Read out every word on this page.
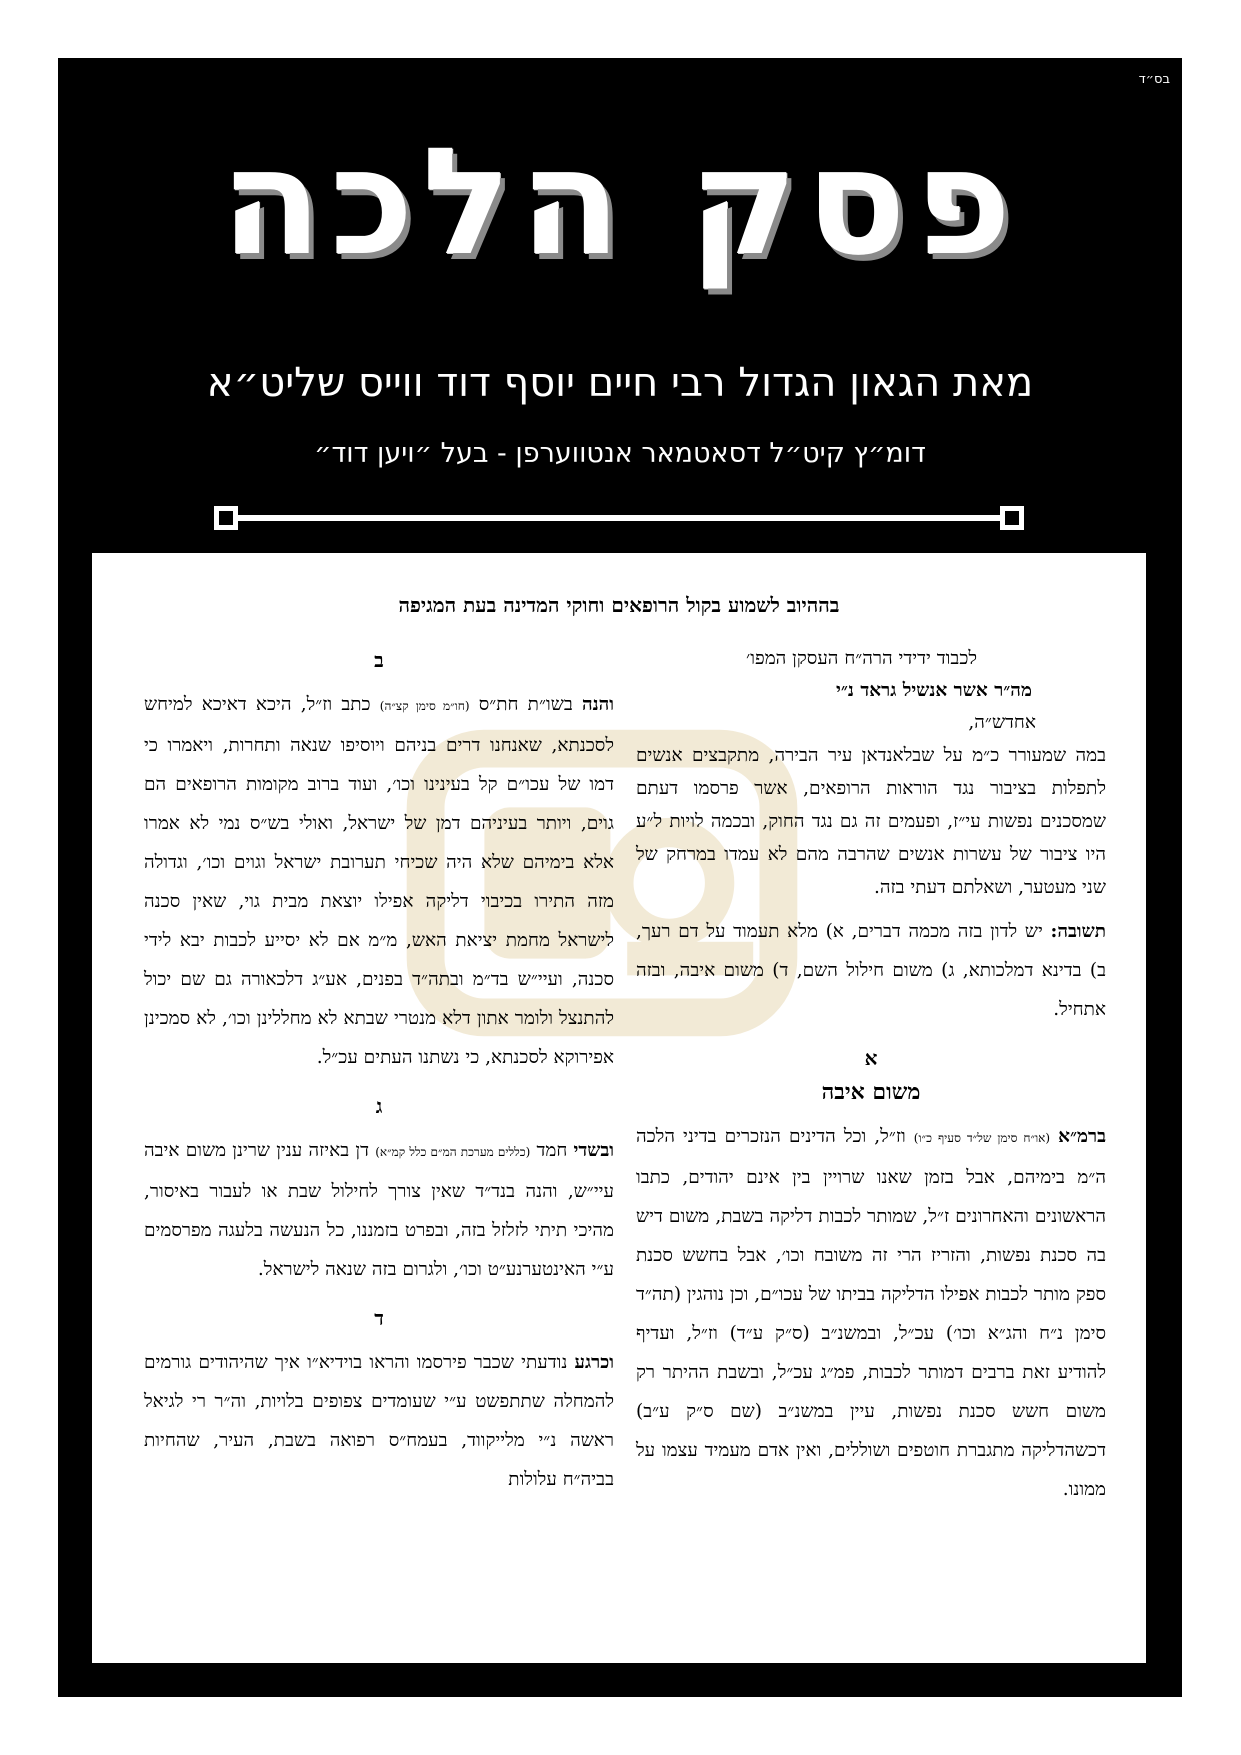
בס״ד
פסק הלכה
מאת הגאון הגדול רבי חיים יוסף דוד ווייס שליט״א
דומ״ץ קיט״ל דסאטמאר אנטווערפן - בעל ״ויען דוד״
בההיוב לשמוע בקול הרופאים וחוקי המדינה בעת המגיפה
לכבוד ידידי הרה״ח העסקן המפו׳
מה״ר אשר אנשיל גראד נ״י
אחדש״ה,
במה שמעורר כ״מ על שבלאנדאן עיר הבירה, מתקבצים אנשים לתפלות בציבור נגד הוראות הרופאים, אשר פרסמו דעתם שמסכנים נפשות עי״ז, ופעמים זה גם נגד החוק, ובכמה לויות ל״ע היו ציבור של עשרות אנשים שהרבה מהם לא עמדו במרחק של שני מעטער, ושאלתם דעתי בזה.
תשובה: יש לדון בזה מכמה דברים, א) מלא תעמוד על דם רעך, ב) בדינא דמלכותא, ג) משום חילול השם, ד) משום איבה, ובזה אתחיל.
א
משום איבה
ברמ״א (או״ח סימן של״ד סעיף כ״ו) וז״ל, וכל הדינים הנזכרים בדיני הלכה ה״מ בימיהם, אבל בזמן שאנו שרויין בין אינם יהודים, כתבו הראשונים והאחרונים ז״ל, שמותר לכבות דליקה בשבת, משום דיש בה סכנת נפשות, והזריז הרי זה משובח וכו׳, אבל בחשש סכנת ספק מותר לכבות אפילו הדליקה בביתו של עכו״ם, וכן נוהגין (תה״ד סימן נ״ח והג״א וכו׳) עכ״ל, ובמשנ״ב (ס״ק ע״ד) וז״ל, ועדיף להודיע זאת ברבים דמותר לכבות, פמ״ג עכ״ל, ובשבת ההיתר רק משום חשש סכנת נפשות, עיין במשנ״ב (שם ס״ק ע״ב) דכשהדליקה מתגברת חוטפים ושוללים, ואין אדם מעמיד עצמו על ממונו.
ב
והנה בשו״ת חת״ס (חו״מ סימן קצ״ה) כתב וז״ל, היכא דאיכא למיחש לסכנתא, שאנחנו דרים בניהם ויוסיפו שנאה ותחרות, ויאמרו כי דמו של עכו״ם קל בעינינו וכו׳, ועוד ברוב מקומות הרופאים הם גוים, ויותר בעיניהם דמן של ישראל, ואולי בש״ס נמי לא אמרו אלא בימיהם שלא היה שכיחי תערובת ישראל וגוים וכו׳, וגדולה מזה התירו בכיבוי דליקה אפילו יוצאת מבית גוי, שאין סכנה לישראל מחמת יציאת האש, מ״מ אם לא יסייע לכבות יבא לידי סכנה, ועיי״ש בד״מ ובתה״ד בפנים, אע״ג דלכאורה גם שם יכול להתנצל ולומר אתון דלא מנטרי שבתא לא מחללינן וכו׳, לא סמכינן אפירוקא לסכנתא, כי נשתנו העתים עכ״ל.
ג
ובשדי חמד (כללים מערכת המ״ם כלל קמ״א) דן באיזה ענין שרינן משום איבה עיי״ש, והנה בנד״ד שאין צורך לחילול שבת או לעבור באיסור, מהיכי תיתי לזלזל בזה, ובפרט בזמננו, כל הנעשה בלעגה מפרסמים ע״י האינטערנע״ט וכו׳, ולגרום בזה שנאה לישראל.
ד
וכרגע נודעתי שכבר פירסמו והראו בוידיא״ו איך שהיהודים גורמים להמחלה שתתפשט ע״י שעומדים צפופים בלויות, וה״ר רי לגיאל ראשה נ״י מלייקווד, בעמח״ס רפואה בשבת, העיר, שהחיות בביה״ח עלולות
